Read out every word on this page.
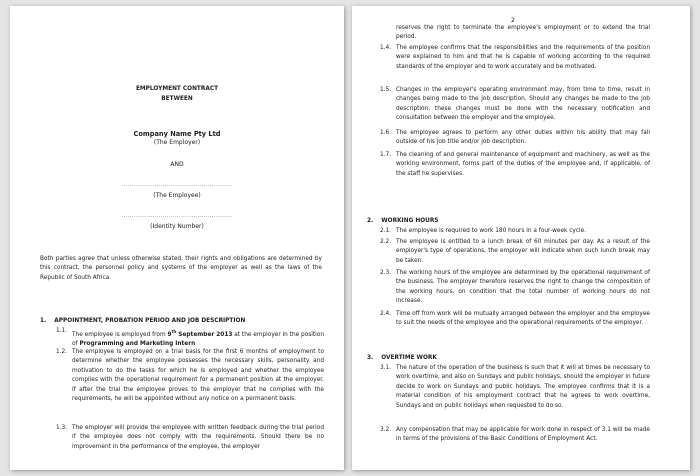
EMPLOYMENT CONTRACT
BETWEEN
Company Name Pty Ltd
(The Employer)
AND
......................................................
(The Employee)
......................................................
(Identity Number)
Both parties agree that unless otherwise stated, their rights and obligations are determined by this contract, the personnel policy and systems of the employer as well as the laws of the Republic of South Africa.
1. APPOINTMENT, PROBATION PERIOD AND JOB DESCRIPTION
1.1.
The employee is employed from 9th September 2013 at the employer in the position of Programming and Marketing Intern
1.2. The employee is employed on a trial basis for the first 6 months of employment to determine whether the employee possesses the necessary skills, personality and motivation to do the tasks for which he is employed and whether the employee complies with the operational requirement for a permanent position at the employer. If after the trial the employee proves to the employer that he complies with the requirements, he will be appointed without any notice on a permanent basis.
1.3. The employer will provide the employee with written feedback during the trial period if the employee does not comply with the requirements. Should there be no improvement in the performance of the employee, the employer
2
reserves the right to terminate the employee's employment or to extend the trial period.
1.4. The employee confirms that the responsibilities and the requirements of the position were explained to him and that he is capable of working according to the required standards of the employer and to work accurately and be motivated.
1.5. Changes in the employer's operating environment may, from time to time, result in changes being made to the job description. Should any changes be made to the job description, these changes must be done with the necessary notification and consultation between the employer and the employee.
1.6. The employee agrees to perform any other duties within his ability that may fall outside of his job title and/or job description.
1.7. The cleaning of and general maintenance of equipment and machinery, as well as the working environment, forms part of the duties of the employee and, if applicable, of the staff he supervises.
2. WORKING HOURS
2.1. The employee is required to work 180 hours in a four-week cycle.
2.2. The employee is entitled to a lunch break of 60 minutes per day. As a result of the employer's type of operations, the employer will indicate when such lunch break may be taken.
2.3. The working hours of the employee are determined by the operational requirement of the business. The employer therefore reserves the right to change the composition of the working hours, on condition that the total number of working hours do not increase.
2.4. Time off from work will be mutually arranged between the employer and the employee to suit the needs of the employee and the operational requirements of the employer.
3. OVERTIME WORK
3.1. The nature of the operation of the business is such that it will at times be necessary to work overtime, and also on Sundays and public holidays, should the employer in future decide to work on Sundays and public holidays. The employee confirms that it is a material condition of his employment contract that he agrees to work overtime, Sundays and on public holidays when requested to do so.
3.2. Any compensation that may be applicable for work done in respect of 3.1 will be made in terms of the provisions of the Basic Conditions of Employment Act.
